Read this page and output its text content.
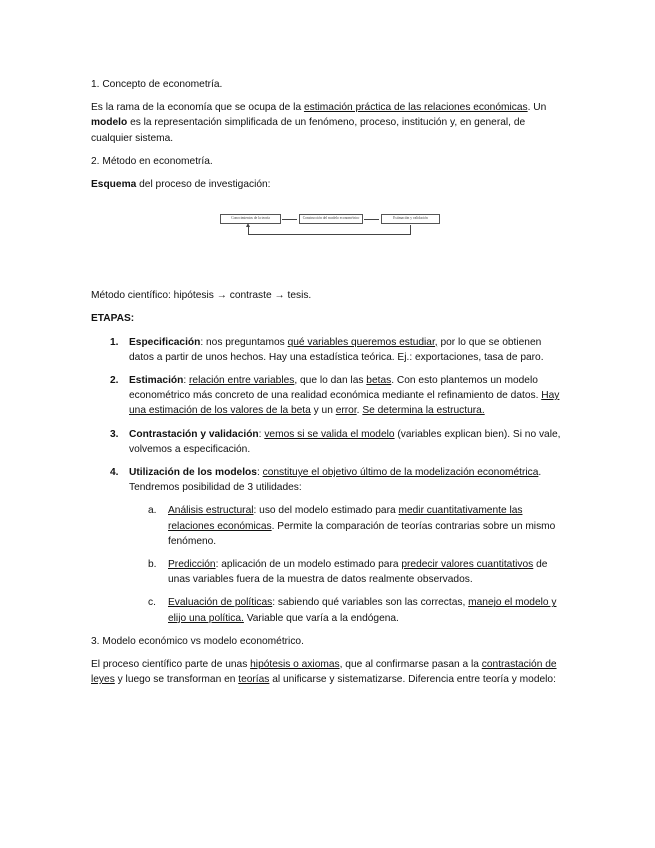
1. Concepto de econometría.

Es la rama de la economía que se ocupa de la estimación práctica de las relaciones económicas. Un modelo es la representación simplificada de un fenómeno, proceso, institución y, en general, de cualquier sistema.

2. Método en econometría.

Esquema del proceso de investigación:

Conocimientos de la teoría	Construcción del modelo econométrico	Estimación y validación

Método científico: hipótesis → contraste → tesis.

ETAPAS:

1. Especificación: nos preguntamos qué variables queremos estudiar, por lo que se obtienen datos a partir de unos hechos. Hay una estadística teórica. Ej.: exportaciones, tasa de paro.
2. Estimación: relación entre variables, que lo dan las betas. Con esto plantemos un modelo econométrico más concreto de una realidad económica mediante el refinamiento de datos. Hay una estimación de los valores de la beta y un error. Se determina la estructura.
3. Contrastación y validación: vemos si se valida el modelo (variables explican bien). Si no vale, volvemos a especificación.
4. Utilización de los modelos: constituye el objetivo último de la modelización econométrica. Tendremos posibilidad de 3 utilidades:
a. Análisis estructural: uso del modelo estimado para medir cuantitativamente las relaciones económicas. Permite la comparación de teorías contrarias sobre un mismo fenómeno.
b. Predicción: aplicación de un modelo estimado para predecir valores cuantitativos de unas variables fuera de la muestra de datos realmente observados.
c. Evaluación de políticas: sabiendo qué variables son las correctas, manejo el modelo y elijo una política. Variable que varía a la endógena.

3. Modelo económico vs modelo econométrico.

El proceso científico parte de unas hipótesis o axiomas, que al confirmarse pasan a la contrastación de leyes y luego se transforman en teorías al unificarse y sistematizarse. Diferencia entre teoría y modelo:
